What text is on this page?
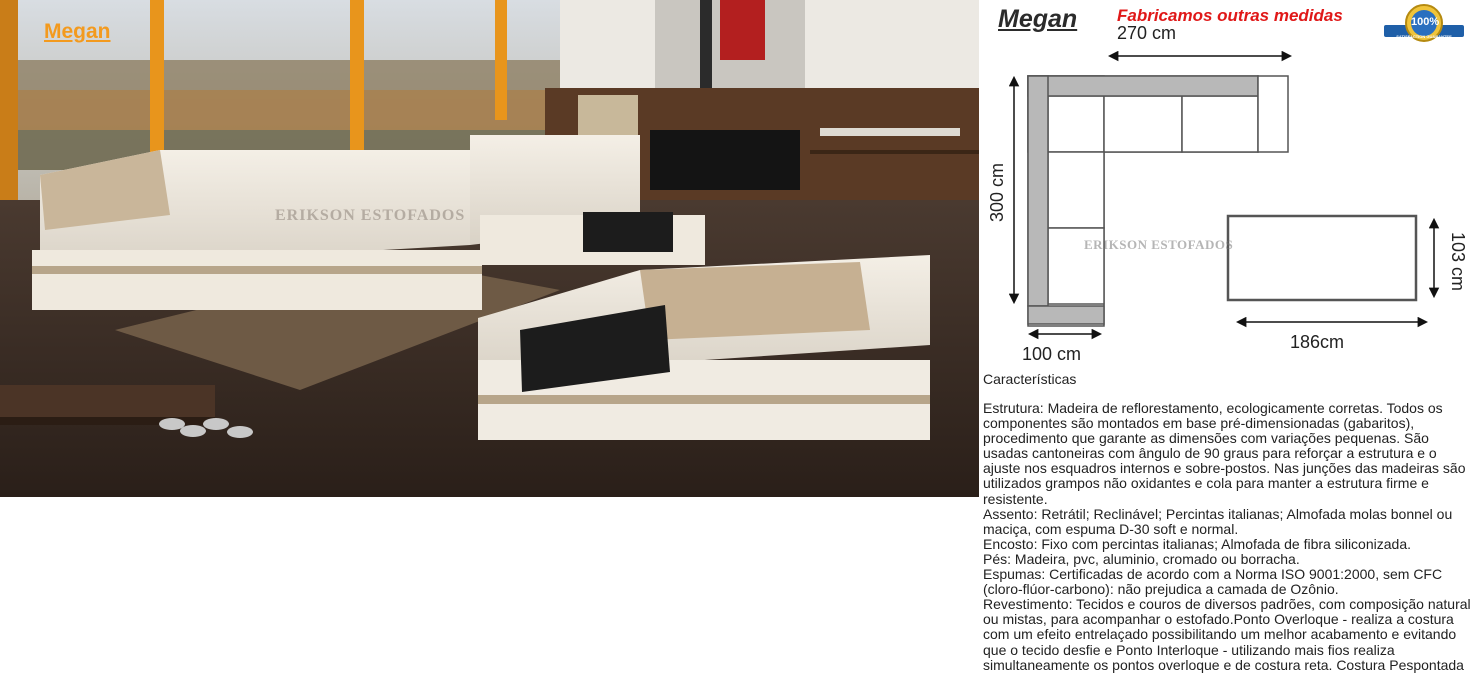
Megan
ERIKSON ESTOFADOS
Megan Fabricamos outras medidas	100%
SATISFACTION GUARANTEE
270 cm
300 cm
100 cm
103 cm
186cm
ERIKSON ESTOFADOS
Características

Estrutura: Madeira de reflorestamento, ecologicamente corretas. Todos os componentes são montados em base pré-dimensionadas (gabaritos), procedimento que garante as dimensões com variações pequenas. São usadas cantoneiras com ângulo de 90 graus para reforçar a estrutura e o ajuste nos esquadros internos e sobre-postos. Nas junções das madeiras são utilizados grampos não oxidantes e cola para manter a estrutura firme e resistente.

Assento: Retrátil; Reclinável; Percintas italianas; Almofada molas bonnel ou maciça, com espuma D-30 soft e normal.

Encosto: Fixo com percintas italianas; Almofada de fibra siliconizada.

Pés: Madeira, pvc, aluminio, cromado ou borracha.

Espumas: Certificadas de acordo com a Norma ISO 9001:2000, sem CFC (cloro-flúor-carbono): não prejudica a camada de Ozônio.

Revestimento: Tecidos e couros de diversos padrões, com composição natural ou mistas, para acompanhar o estofado.Ponto Overloque - realiza a costura com um efeito entrelaçado possibilitando um melhor acabamento e evitando que o tecido desfie e Ponto Interloque - utilizando mais fios realiza simultaneamente os pontos overloque e de costura reta. Costura Pespontada
